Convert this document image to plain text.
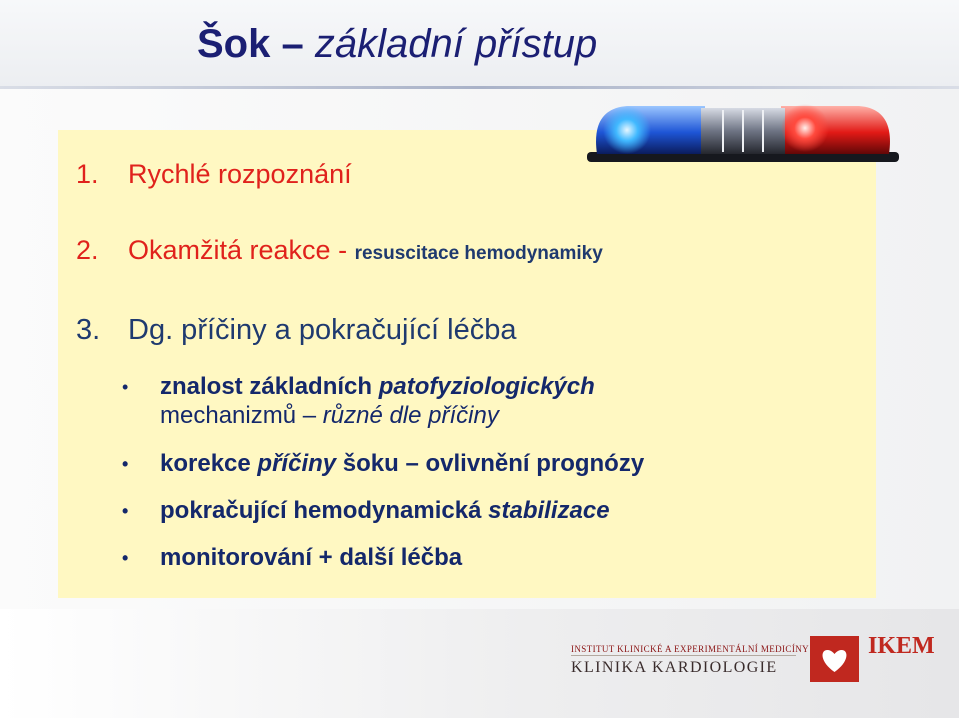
Šok – základní přístup

1. Rychlé rozpoznání

2. Okamžitá reakce - resuscitace hemodynamiky

3. Dg. příčiny a pokračující léčba

• znalost základních patofyziologických
mechanizmů – různé dle příčiny
• korekce příčiny šoku – ovlivnění prognózy
• pokračující hemodynamická stabilizace
• monitorování + další léčba

INSTITUT KLINICKÉ A EXPERIMENTÁLNÍ MEDICÍNY

KLINIKA KARDIOLOGIE

IKEM
